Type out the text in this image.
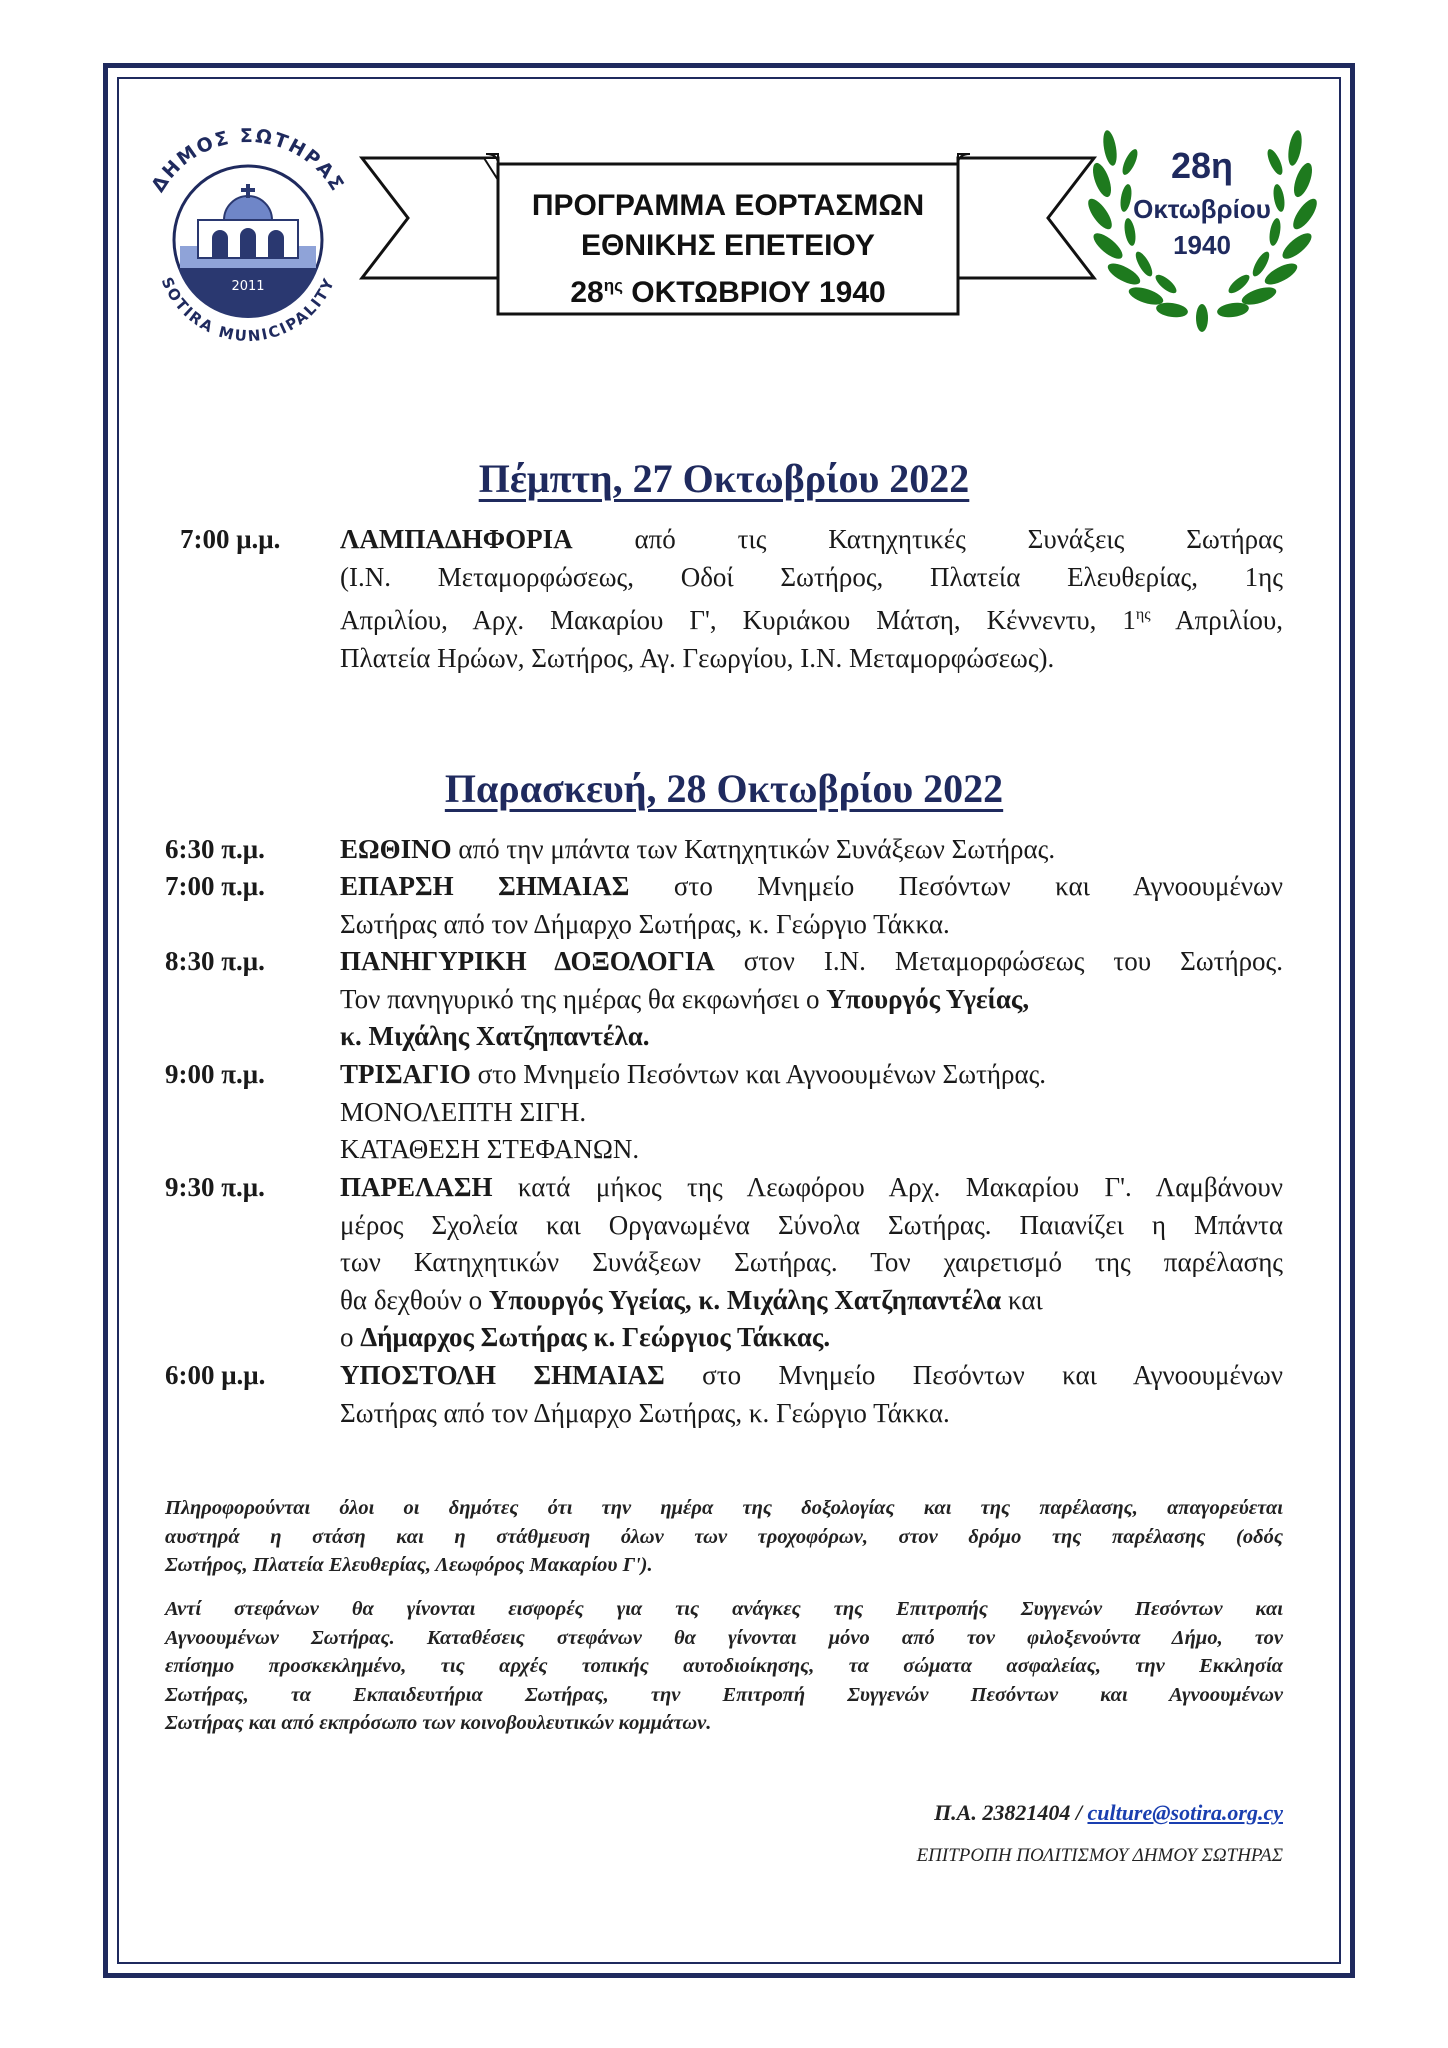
2011
ΔΗΜΟΣ ΣΩΤΗΡΑΣ
SOTIRA MUNICIPALITY
ΠΡΟΓΡΑΜΜΑ ΕΟΡΤΑΣΜΩΝ
ΕΘΝΙΚΗΣ ΕΠΕΤΕΙΟΥ
$28^{\eta\varsigma}$ ΟΚΤΩΒΡΙΟΥ 1940
28η
Οκτωβρίου
1940
Πέμπτη, 27 Οκτωβρίου 2022
7:00 μ.μ. ΛΑΜΠΑΔΗΦΟΡΙΑ από τις Κατηχητικές Συνάξεις Σωτήρας
(Ι.Ν. Μεταμορφώσεως, Οδοί Σωτήρος, Πλατεία Ελευθερίας, 1ης
Απριλίου, Αρχ. Μακαρίου Γ', Κυριάκου Μάτση, Κέννεντυ, $1^{\eta\varsigma}$ Απριλίου,
Πλατεία Ηρώων, Σωτήρος, Αγ. Γεωργίου, Ι.Ν. Μεταμορφώσεως).
Παρασκευή, 28 Οκτωβρίου 2022
6:30 π.μ.	ΕΩΘΙΝΟ από την μπάντα των Κατηχητικών Συνάξεων Σωτήρας.
7:00 π.μ.	ΕΠΑΡΣΗ ΣΗΜΑΙΑΣ στο Μνημείο Πεσόντων και Αγνοουμένων
Σωτήρας από τον Δήμαρχο Σωτήρας, κ. Γεώργιο Τάκκα.
8:30 π.μ.	ΠΑΝΗΓΥΡΙΚΗ ΔΟΞΟΛΟΓΙΑ στον Ι.Ν. Μεταμορφώσεως του Σωτήρος.
Τον πανηγυρικό της ημέρας θα εκφωνήσει ο Υπουργός Υγείας,
κ. Μιχάλης Χατζηπαντέλα.
9:00 π.μ.	ΤΡΙΣΑΓΙΟ στο Μνημείο Πεσόντων και Αγνοουμένων Σωτήρας.
ΜΟΝΟΛΕΠΤΗ ΣΙΓΗ.
ΚΑΤΑΘΕΣΗ ΣΤΕΦΑΝΩΝ.
9:30 π.μ.	ΠΑΡΕΛΑΣΗ κατά μήκος της Λεωφόρου Αρχ. Μακαρίου Γ'. Λαμβάνουν
μέρος Σχολεία και Οργανωμένα Σύνολα Σωτήρας. Παιανίζει η Μπάντα
των Κατηχητικών Συνάξεων Σωτήρας. Τον χαιρετισμό της παρέλασης
θα δεχθούν ο Υπουργός Υγείας, κ. Μιχάλης Χατζηπαντέλα και
ο Δήμαρχος Σωτήρας κ. Γεώργιος Τάκκας.
6:00 μ.μ.	ΥΠΟΣΤΟΛΗ ΣΗΜΑΙΑΣ στο Μνημείο Πεσόντων και Αγνοουμένων
Σωτήρας από τον Δήμαρχο Σωτήρας, κ. Γεώργιο Τάκκα.
Πληροφορούνται όλοι οι δημότες ότι την ημέρα της δοξολογίας και της παρέλασης, απαγορεύεται
αυστηρά η στάση και η στάθμευση όλων των τροχοφόρων, στον δρόμο της παρέλασης (οδός
Σωτήρος, Πλατεία Ελευθερίας, Λεωφόρος Μακαρίου Γ').
Αντί στεφάνων θα γίνονται εισφορές για τις ανάγκες της Επιτροπής Συγγενών Πεσόντων και
Αγνοουμένων Σωτήρας. Καταθέσεις στεφάνων θα γίνονται μόνο από τον φιλοξενούντα Δήμο, τον
επίσημο προσκεκλημένο, τις αρχές τοπικής αυτοδιοίκησης, τα σώματα ασφαλείας, την Εκκλησία
Σωτήρας, τα Εκπαιδευτήρια Σωτήρας, την Επιτροπή Συγγενών Πεσόντων και Αγνοουμένων
Σωτήρας και από εκπρόσωπο των κοινοβουλευτικών κομμάτων.
Π.Α. 23821404 / culture@sotira.org.cy
ΕΠΙΤΡΟΠΗ ΠΟΛΙΤΙΣΜΟΥ ΔΗΜΟΥ ΣΩΤΗΡΑΣ
